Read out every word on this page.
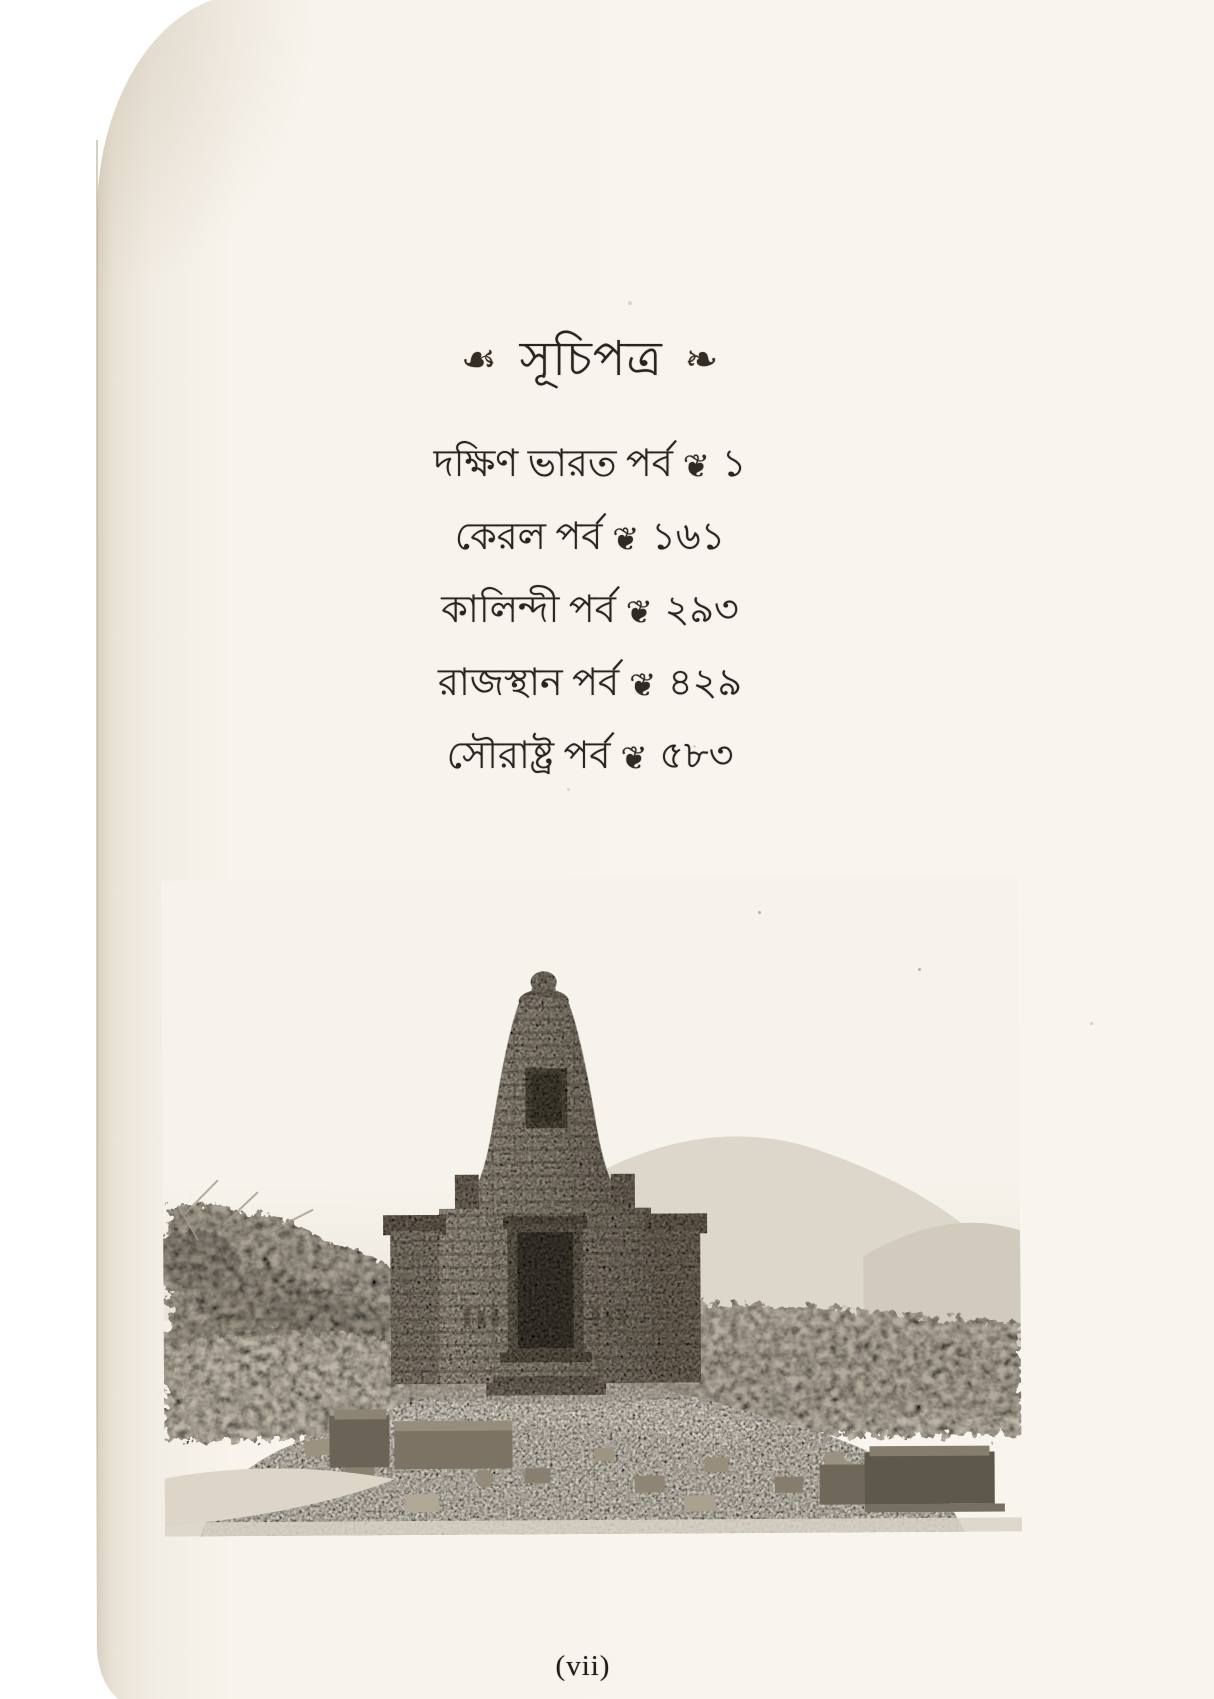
☙ সূচিপত্র ❧
দক্ষিণ ভারত পর্ব ❦ ১
কেরল পর্ব ❦ ১৬১
কালিন্দী পর্ব ❦ ২৯৩
রাজস্থান পর্ব ❦ ৪২৯
সৌরাষ্ট্র পর্ব ❦ ৫৮৩
(vii)
